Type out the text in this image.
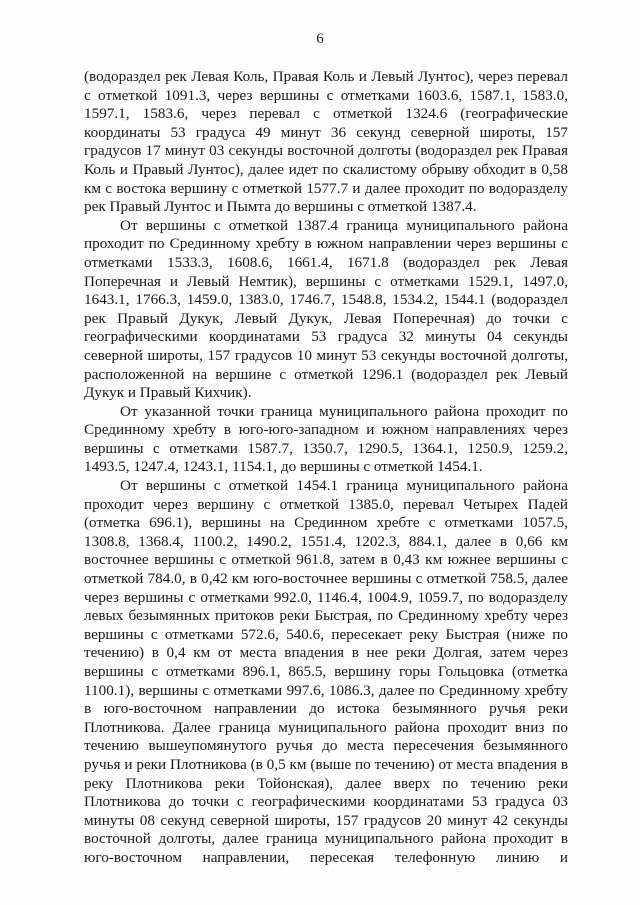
6

(водораздел рек Левая Коль, Правая Коль и Левый Лунтос), через перевал с отметкой 1091.3, через вершины с отметками 1603.6, 1587.1, 1583.0, 1597.1, 1583.6, через перевал с отметкой 1324.6 (географические координаты 53 градуса 49 минут 36 секунд северной широты, 157 градусов 17 минут 03 секунды восточной долготы (водораздел рек Правая Коль и Правый Лунтос), далее идет по скалистому обрыву обходит в 0,58 км с востока вершину с отметкой 1577.7 и далее проходит по водоразделу рек Правый Лунтос и Пымта до вершины с отметкой 1387.4.

От вершины с отметкой 1387.4 граница муниципального района проходит по Срединному хребту в южном направлении через вершины с отметками 1533.3, 1608.6, 1661.4, 1671.8 (водораздел рек Левая Поперечная и Левый Немтик), вершины с отметками 1529.1, 1497.0, 1643.1, 1766.3, 1459.0, 1383.0, 1746.7, 1548.8, 1534.2, 1544.1 (водораздел рек Правый Дукук, Левый Дукук, Левая Поперечная) до точки с географическими координатами 53 градуса 32 минуты 04 секунды северной широты, 157 градусов 10 минут 53 секунды восточной долготы, расположенной на вершине с отметкой 1296.1 (водораздел рек Левый Дукук и Правый Кихчик).

От указанной точки граница муниципального района проходит по Срединному хребту в юго-юго-западном и южном направлениях через вершины с отметками 1587.7, 1350.7, 1290.5, 1364.1, 1250.9, 1259.2, 1493.5, 1247.4, 1243.1, 1154.1, до вершины с отметкой 1454.1.

От вершины с отметкой 1454.1 граница муниципального района проходит через вершину с отметкой 1385.0, перевал Четырех Падей (отметка 696.1), вершины на Срединном хребте с отметками 1057.5, 1308.8, 1368.4, 1100.2, 1490.2, 1551.4, 1202.3, 884.1, далее в 0,66 км восточнее вершины с отметкой 961.8, затем в 0,43 км южнее вершины с отметкой 784.0, в 0,42 км юго-восточнее вершины с отметкой 758.5, далее через вершины с отметками 992.0, 1146.4, 1004.9, 1059.7, по водоразделу левых безымянных притоков реки Быстрая, по Срединному хребту через вершины с отметками 572.6, 540.6, пересекает реку Быстрая (ниже по течению) в 0,4 км от места впадения в нее реки Долгая, затем через вершины с отметками 896.1, 865.5, вершину горы Гольцовка (отметка 1100.1), вершины с отметками 997.6, 1086.3, далее по Срединному хребту в юго-восточном направлении до истока безымянного ручья реки Плотникова. Далее граница муниципального района проходит вниз по течению вышеупомянутого ручья до места пересечения безымянного ручья и реки Плотникова (в 0,5 км (выше по течению) от места впадения в реку Плотникова реки Тойонская), далее вверх по течению реки Плотникова до точки с географическими координатами 53 градуса 03 минуты 08 секунд северной широты, 157 градусов 20 минут 42 секунды восточной долготы, далее граница муниципального района проходит в юго-восточном направлении, пересекая телефонную линию и
